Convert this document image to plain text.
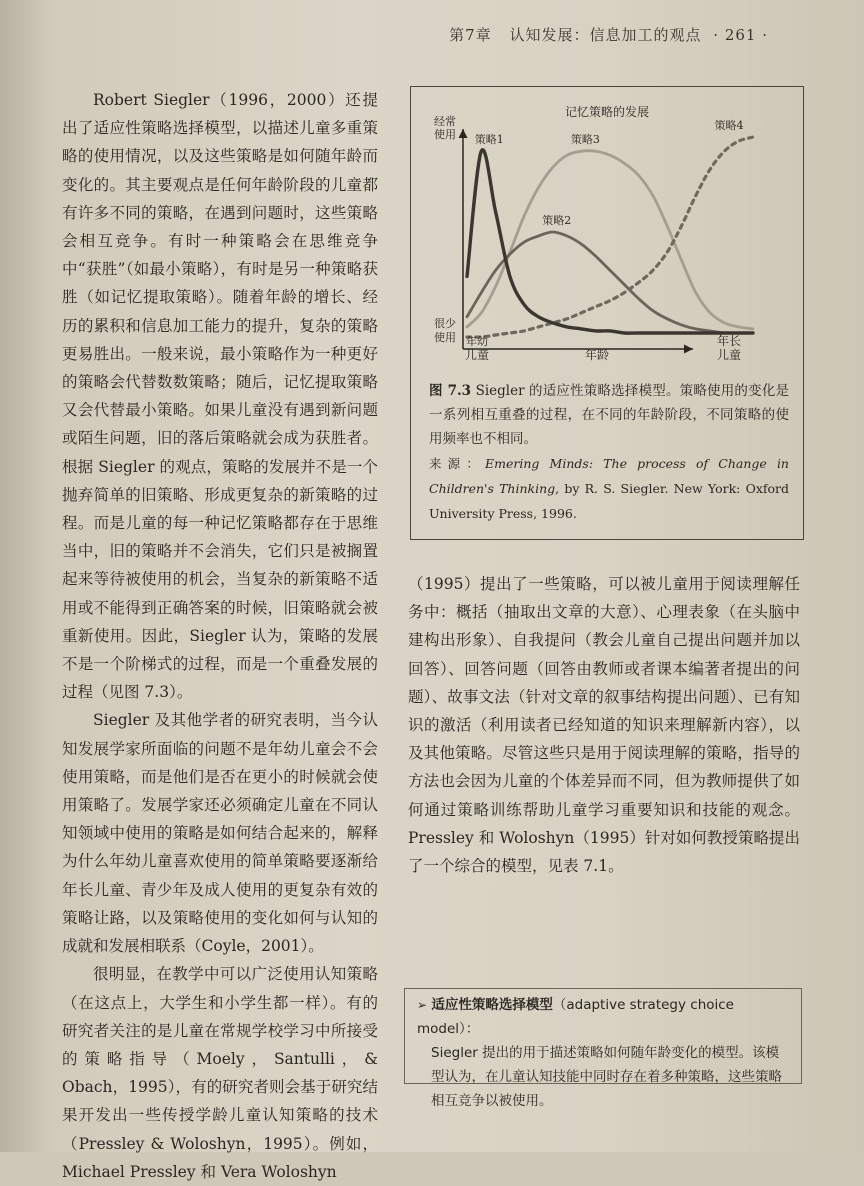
第7章 认知发展：信息加工的观点 · 261 ·

Robert Siegler（1996，2000）还提出了适应性策略选择模型，以描述儿童多重策略的使用情况，以及这些策略是如何随年龄而变化的。其主要观点是任何年龄阶段的儿童都有许多不同的策略，在遇到问题时，这些策略会相互竞争。有时一种策略会在思维竞争中“获胜”（如最小策略），有时是另一种策略获胜（如记忆提取策略）。随着年龄的增长、经历的累积和信息加工能力的提升，复杂的策略更易胜出。一般来说，最小策略作为一种更好的策略会代替数数策略；随后，记忆提取策略又会代替最小策略。如果儿童没有遇到新问题或陌生问题，旧的落后策略就会成为获胜者。根据 Siegler 的观点，策略的发展并不是一个抛弃简单的旧策略、形成更复杂的新策略的过程。而是儿童的每一种记忆策略都存在于思维当中，旧的策略并不会消失，它们只是被搁置起来等待被使用的机会，当复杂的新策略不适用或不能得到正确答案的时候，旧策略就会被重新使用。因此，Siegler 认为，策略的发展不是一个阶梯式的过程，而是一个重叠发展的过程（见图 7.3）。

Siegler 及其他学者的研究表明，当今认知发展学家所面临的问题不是年幼儿童会不会使用策略，而是他们是否在更小的时候就会使用策略了。发展学家还必须确定儿童在不同认知领域中使用的策略是如何结合起来的，解释为什么年幼儿童喜欢使用的简单策略要逐渐给年长儿童、青少年及成人使用的更复杂有效的策略让路，以及策略使用的变化如何与认知的成就和发展相联系（Coyle，2001）。

很明显，在教学中可以广泛使用认知策略（在这点上，大学生和小学生都一样）。有的研究者关注的是儿童在常规学校学习中所接受的策略指导（Moely，Santulli，& Obach，1995），有的研究者则会基于研究结果开发出一些传授学龄儿童认知策略的技术（Pressley & Woloshyn，1995）。例如，Michael Pressley 和 Vera Woloshyn

记忆策略的发展
策略1
策略2
策略3
策略4
经常
使用
很少
使用 年幼
儿童	年龄
年长
儿童
图 7.3 Siegler 的适应性策略选择模型。策略使用的变化是一系列相互重叠的过程，在不同的年龄阶段，不同策略的使用频率也不相同。
来源：Emering Minds: The process of Change in Children's Thinking, by R. S. Siegler. New York: Oxford University Press, 1996.

（1995）提出了一些策略，可以被儿童用于阅读理解任务中：概括（抽取出文章的大意）、心理表象（在头脑中建构出形象）、自我提问（教会儿童自己提出问题并加以回答）、回答问题（回答由教师或者课本编著者提出的问题）、故事文法（针对文章的叙事结构提出问题）、已有知识的激活（利用读者已经知道的知识来理解新内容），以及其他策略。尽管这些只是用于阅读理解的策略，指导的方法也会因为儿童的个体差异而不同，但为教师提供了如何通过策略训练帮助儿童学习重要知识和技能的观念。Pressley 和 Woloshyn（1995）针对如何教授策略提出了一个综合的模型，见表 7.1。

➢ 适应性策略选择模型（adaptive strategy choice model）：
Siegler 提出的用于描述策略如何随年龄变化的模型。该模型认为，在儿童认知技能中同时存在着多种策略，这些策略相互竞争以被使用。
